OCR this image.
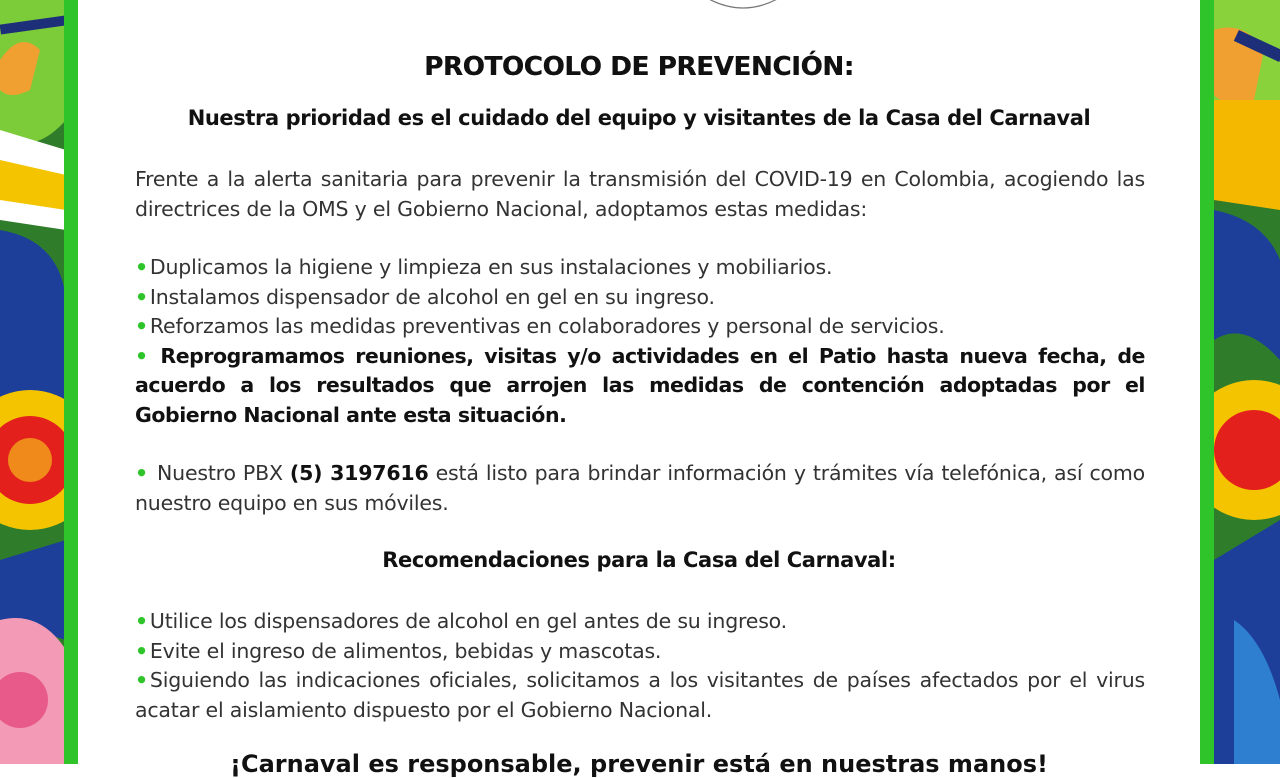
PROTOCOLO DE PREVENCIÓN:

Nuestra prioridad es el cuidado del equipo y visitantes de la Casa del Carnaval

Frente a la alerta sanitaria para prevenir la transmisión del COVID-19 en Colombia, acogiendo las directrices de la OMS y el Gobierno Nacional, adoptamos estas medidas:

•Duplicamos la higiene y limpieza en sus instalaciones y mobiliarios.
•Instalamos dispensador de alcohol en gel en su ingreso.
•Reforzamos las medidas preventivas en colaboradores y personal de servicios.
• Reprogramamos reuniones, visitas y/o actividades en el Patio hasta nueva fecha, de acuerdo a los resultados que arrojen las medidas de contención adoptadas por el Gobierno Nacional ante esta situación.

• Nuestro PBX (5) 3197616 está listo para brindar información y trámites vía telefónica, así como nuestro equipo en sus móviles.

Recomendaciones para la Casa del Carnaval:

•Utilice los dispensadores de alcohol en gel antes de su ingreso.
•Evite el ingreso de alimentos, bebidas y mascotas.
•Siguiendo las indicaciones oficiales, solicitamos a los visitantes de países afectados por el virus acatar el aislamiento dispuesto por el Gobierno Nacional.

¡Carnaval es responsable, prevenir está en nuestras manos!
